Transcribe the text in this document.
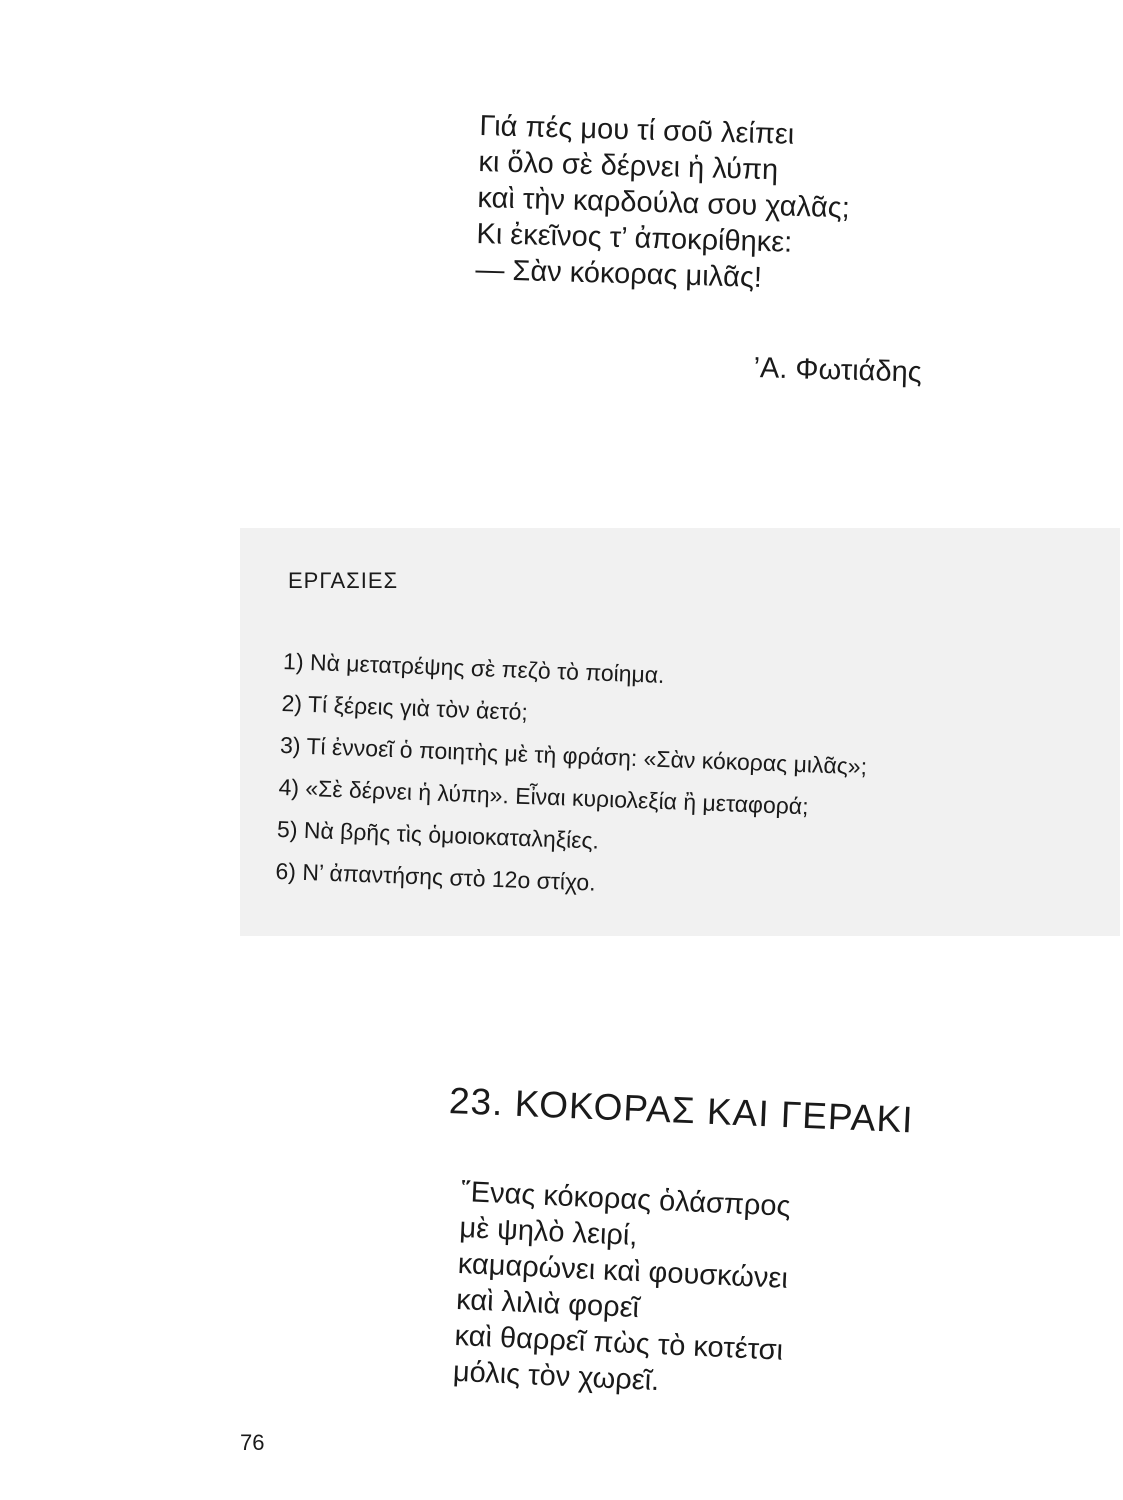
Γιά πές μου τί σοῦ λείπει
κι ὅλο σὲ δέρνει ἡ λύπη
καὶ τὴν καρδούλα σου χαλᾶς;
Κι ἐκεῖνος τ’ ἀποκρίθηκε:
— Σὰν κόκορας μιλᾶς!
’Α. Φωτιάδης
ΕΡΓΑΣΙΕΣ
1) Νὰ μετατρέψης σὲ πεζὸ τὸ ποίημα.
2) Τί ξέρεις γιὰ τὸν ἀετό;
3) Τί ἐννοεῖ ὁ ποιητὴς μὲ τὴ φράση: «Σὰν κόκορας μιλᾶς»;
4) «Σὲ δέρνει ἡ λύπη». Εἶναι κυριολεξία ἢ μεταφορά;
5) Νὰ βρῆς τὶς ὁμοιοκαταληξίες.
6) Ν’ ἀπαντήσης στὸ 12ο στίχο.
23. ΚΟΚΟΡΑΣ ΚΑΙ ΓΕΡΑΚΙ
῞Ενας κόκορας ὁλάσπρος
μὲ ψηλὸ λειρί,
καμαρώνει καὶ φουσκώνει
καὶ λιλιὰ φορεῖ
καὶ θαρρεῖ πὼς τὸ κοτέτσι
μόλις τὸν χωρεῖ.
76
